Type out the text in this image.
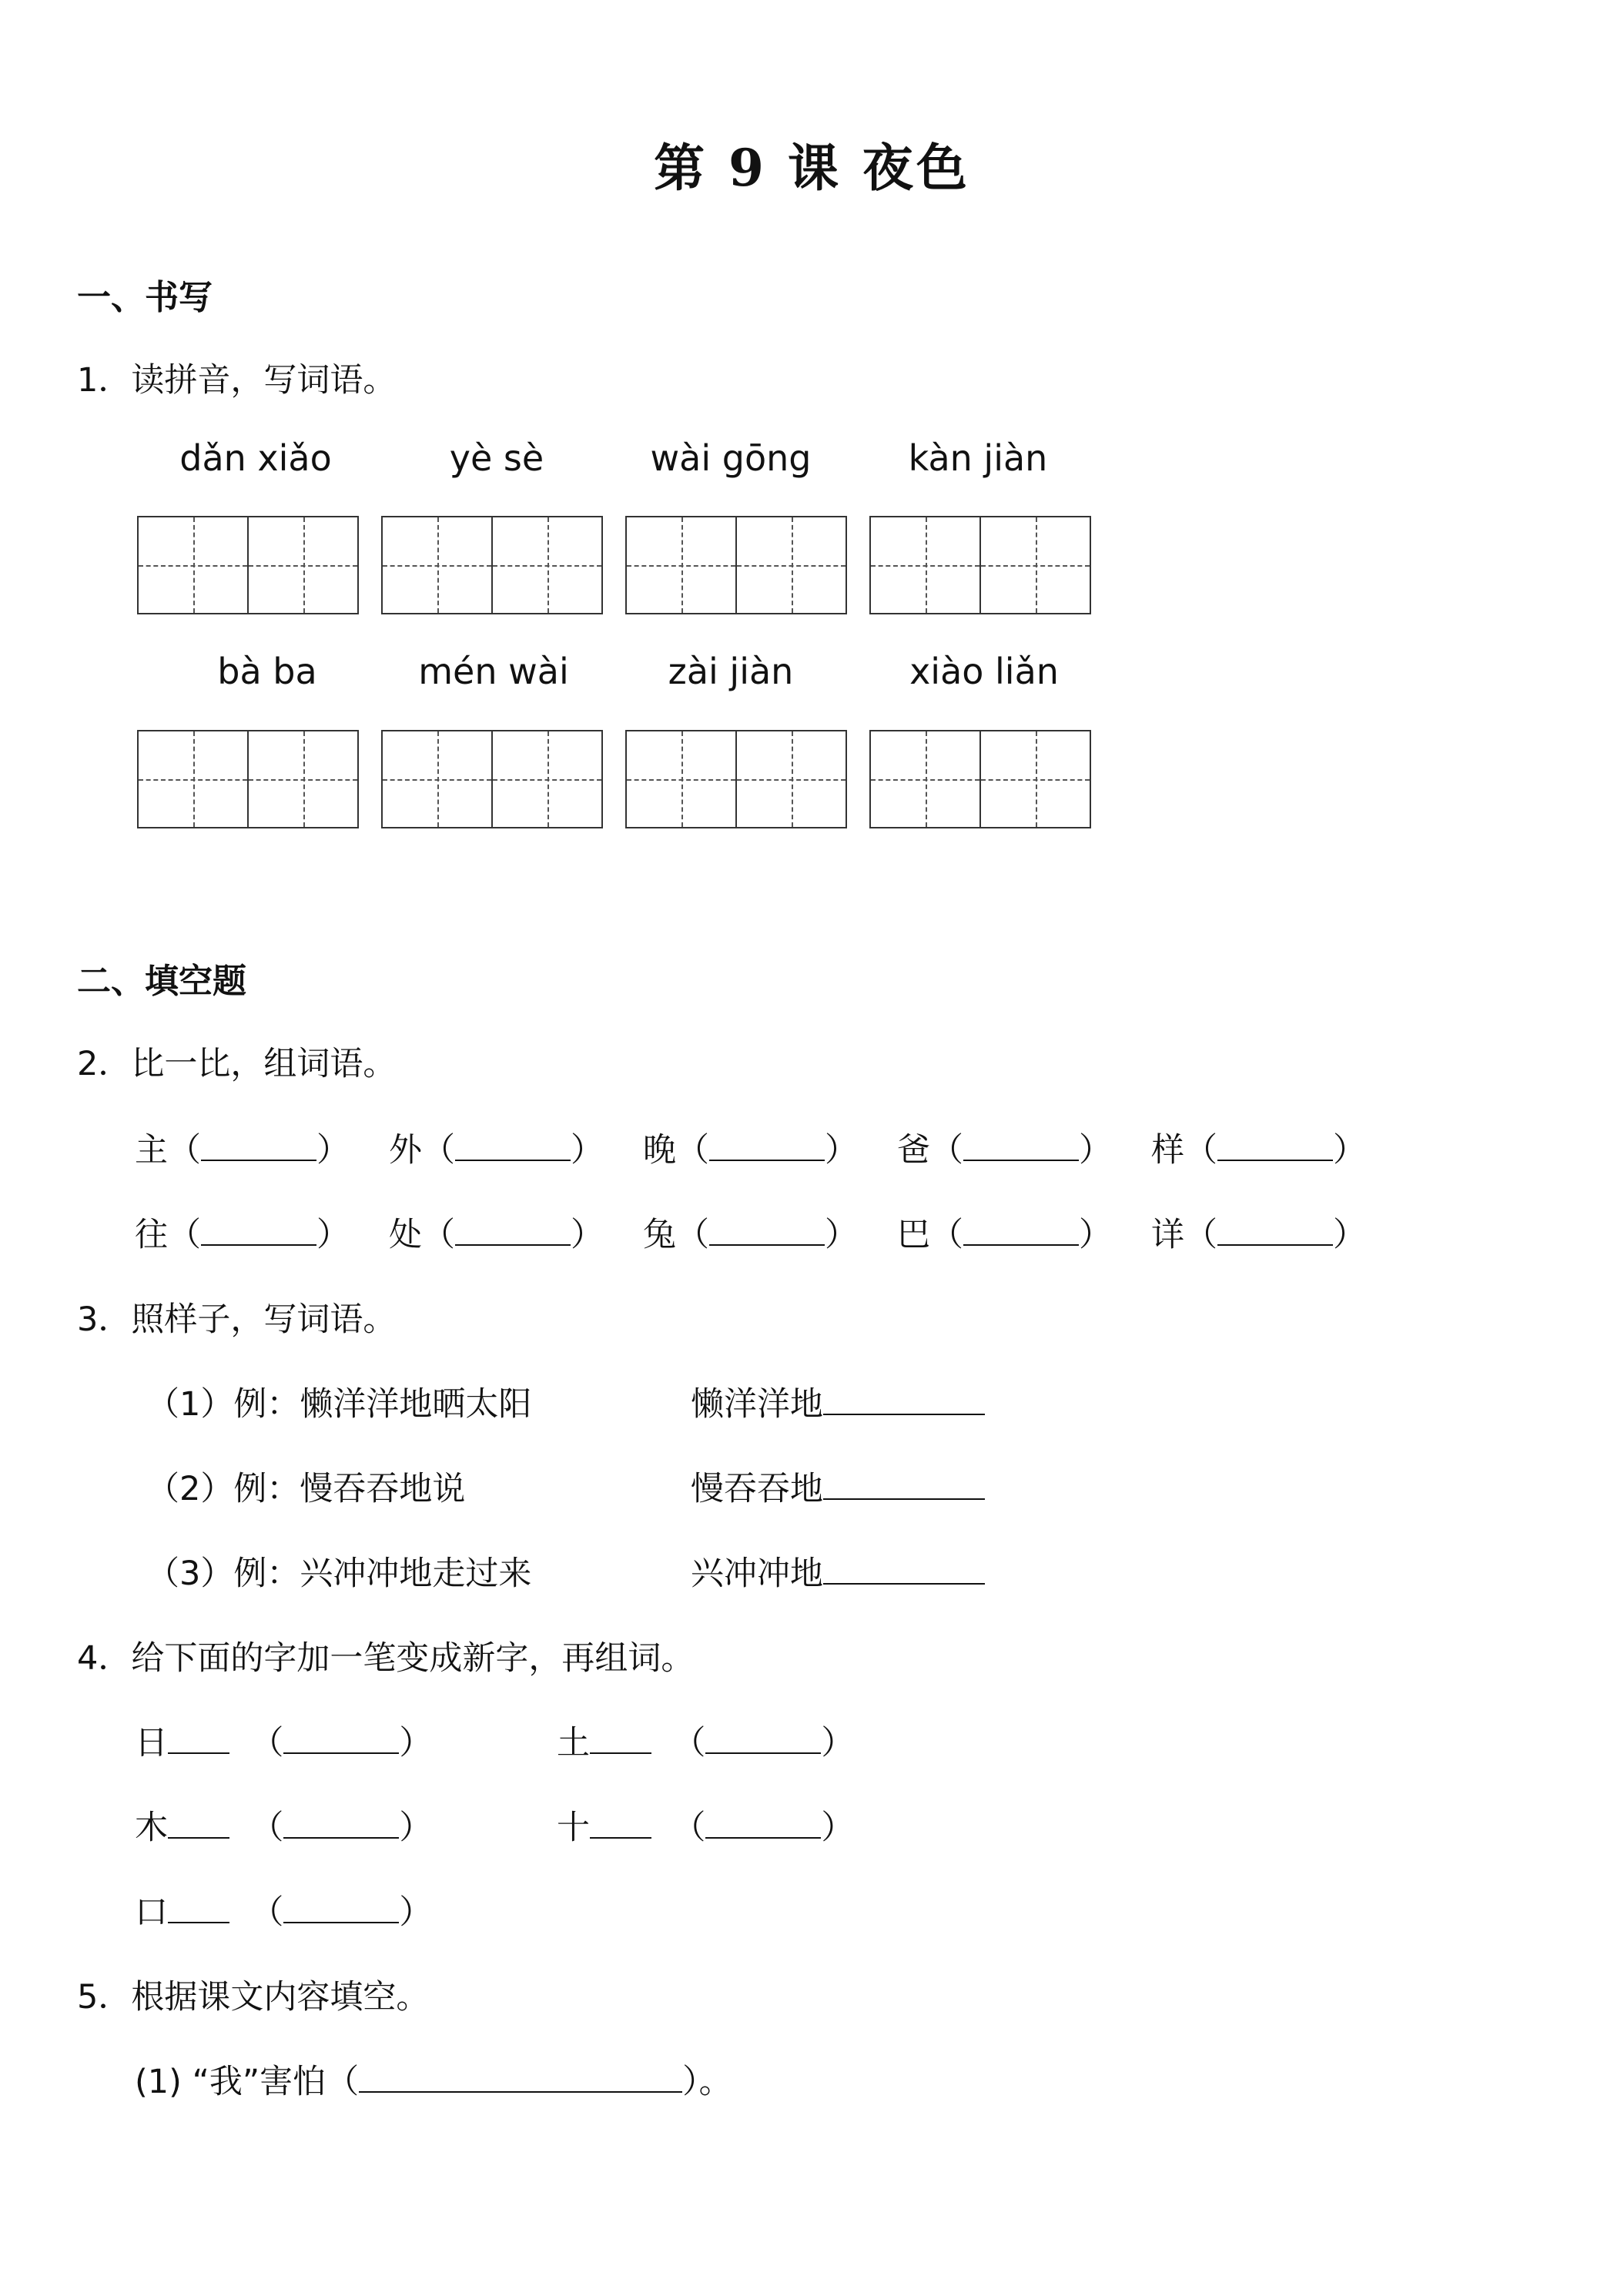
第 9 课 夜色
一、书写
1．读拼音，写词语。
dǎn xiǎo	yè sè	wài gōng	kàn jiàn
bà ba	mén wài	zài jiàn	xiào liǎn
二、填空题
2．比一比，组词语。
主（	） 外（	） 晚（	） 爸（	） 样（	）
往（	） 处（	） 兔（	） 巴（	） 详（	）
3．照样子，写词语。
（1）例：懒洋洋地晒太阳	懒洋洋地
（2）例：慢吞吞地说	慢吞吞地
（3）例：兴冲冲地走过来	兴冲冲地
4．给下面的字加一笔变成新字，再组词。
日 （	）	土 （	）
木 （	）	十 （	）
口 （	）
5．根据课文内容填空。
(1) “我”害怕（	）。
